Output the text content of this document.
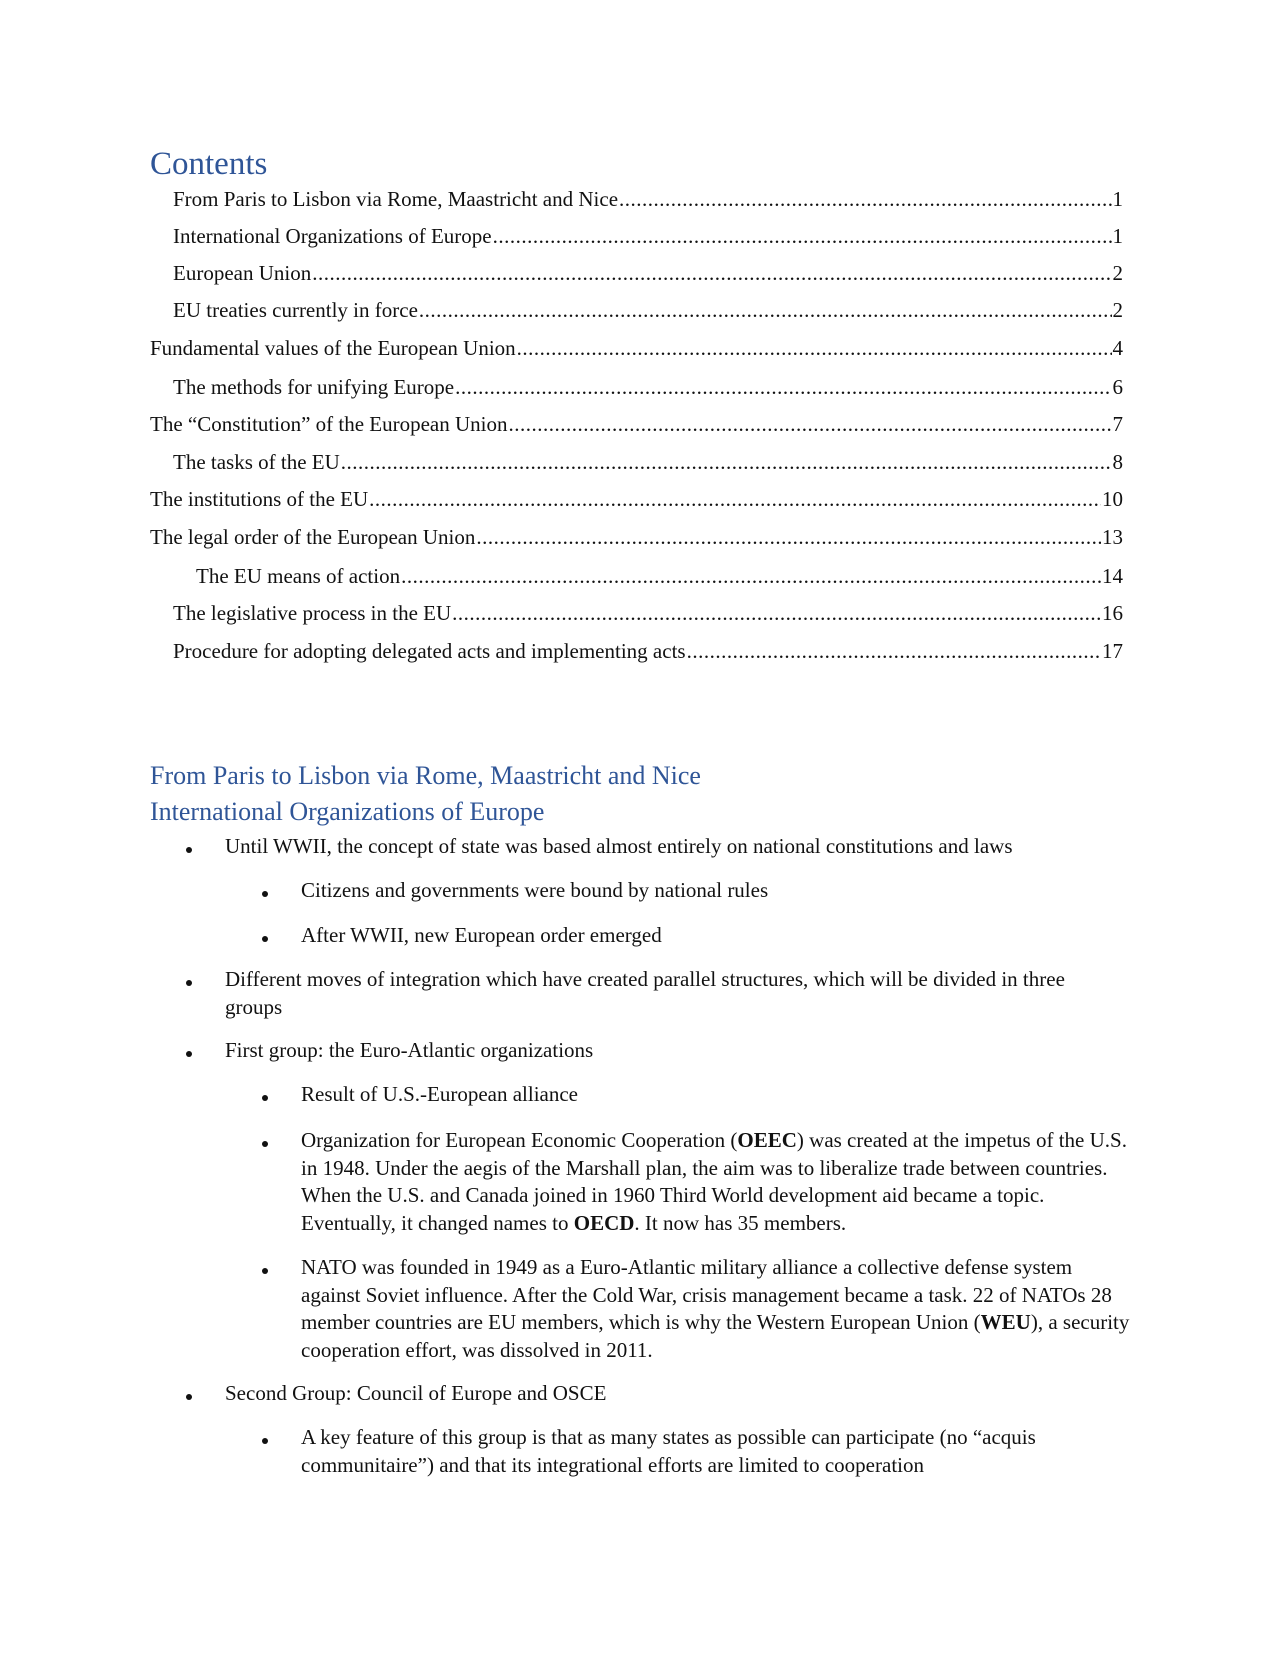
Contents
From Paris to Lisbon via Rome, Maastricht and Nice .....	1
International Organizations of Europe .....	1
European Union .....	2
EU treaties currently in force .....	2
Fundamental values of the European Union .....	4
The methods for unifying Europe .....	6
The “Constitution” of the European Union .....	7
The tasks of the EU .....	8
The institutions of the EU .....	10
The legal order of the European Union .....	13
The EU means of action .....	14
The legislative process in the EU .....	16
Procedure for adopting delegated acts and implementing acts .....	17
From Paris to Lisbon via Rome, Maastricht and Nice
International Organizations of Europe
Until WWII, the concept of state was based almost entirely on national constitutions and laws
Citizens and governments were bound by national rules
After WWII, new European order emerged
Different moves of integration which have created parallel structures, which will be divided in three groups
First group: the Euro-Atlantic organizations
Result of U.S.-European alliance
Organization for European Economic Cooperation (OEEC) was created at the impetus of the U.S. in 1948. Under the aegis of the Marshall plan, the aim was to liberalize trade between countries. When the U.S. and Canada joined in 1960 Third World development aid became a topic. Eventually, it changed names to OECD. It now has 35 members.
NATO was founded in 1949 as a Euro-Atlantic military alliance a collective defense system against Soviet influence. After the Cold War, crisis management became a task. 22 of NATOs 28 member countries are EU members, which is why the Western European Union (WEU), a security cooperation effort, was dissolved in 2011.
Second Group: Council of Europe and OSCE
A key feature of this group is that as many states as possible can participate (no “acquis communitaire”) and that its integrational efforts are limited to cooperation
